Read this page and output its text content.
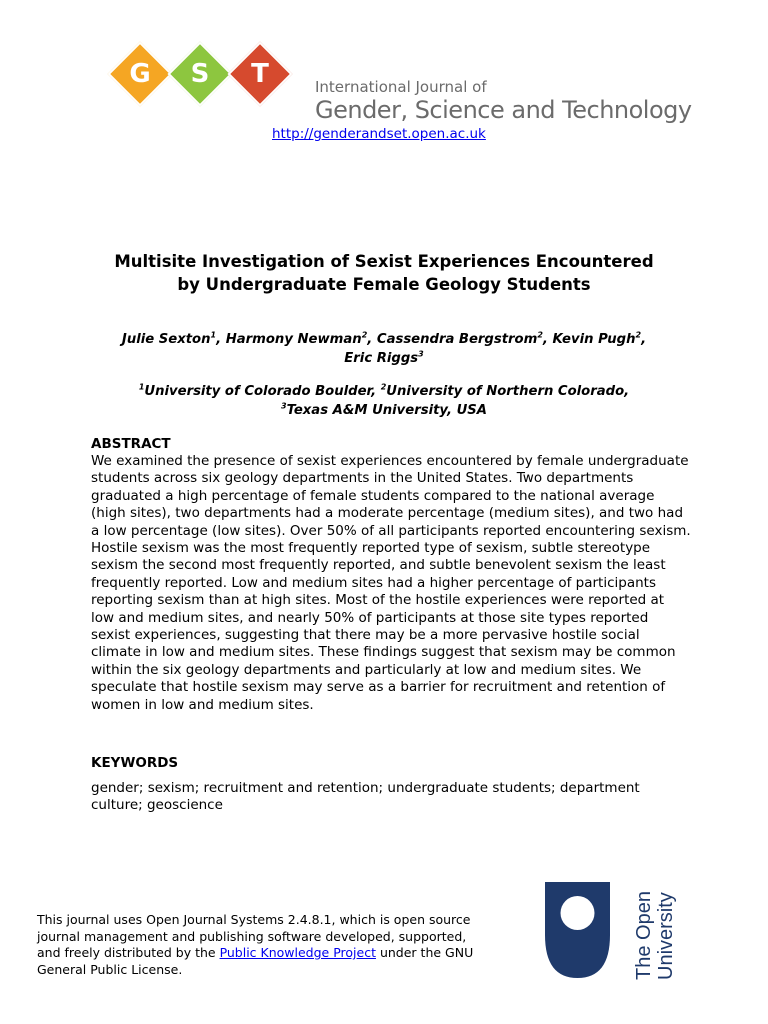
G	S	T	International Journal of
Gender, Science and Technology
http://genderandset.open.ac.uk
Multisite Investigation of Sexist Experiences Encountered
by Undergraduate Female Geology Students
Julie Sexton$^1$, Harmony Newman$^2$, Cassendra Bergstrom$^2$, Kevin Pugh$^2$,
Eric Riggs$^3$
$^1$University of Colorado Boulder, $^2$University of Northern Colorado,
$^3$Texas A&M University, USA
ABSTRACT
We examined the presence of sexist experiences encountered by female undergraduate students across six geology departments in the United States. Two departments graduated a high percentage of female students compared to the national average (high sites), two departments had a moderate percentage (medium sites), and two had a low percentage (low sites). Over 50% of all participants reported encountering sexism. Hostile sexism was the most frequently reported type of sexism, subtle stereotype sexism the second most frequently reported, and subtle benevolent sexism the least frequently reported. Low and medium sites had a higher percentage of participants reporting sexism than at high sites. Most of the hostile experiences were reported at low and medium sites, and nearly 50% of participants at those site types reported sexist experiences, suggesting that there may be a more pervasive hostile social climate in low and medium sites. These findings suggest that sexism may be common within the six geology departments and particularly at low and medium sites. We speculate that hostile sexism may serve as a barrier for recruitment and retention of women in low and medium sites.
KEYWORDS
gender; sexism; recruitment and retention; undergraduate students; department culture; geoscience
This journal uses Open Journal Systems 2.4.8.1, which is open source journal management and publishing software developed, supported, and freely distributed by the Public Knowledge Project under the GNU General Public License.	The Open University
